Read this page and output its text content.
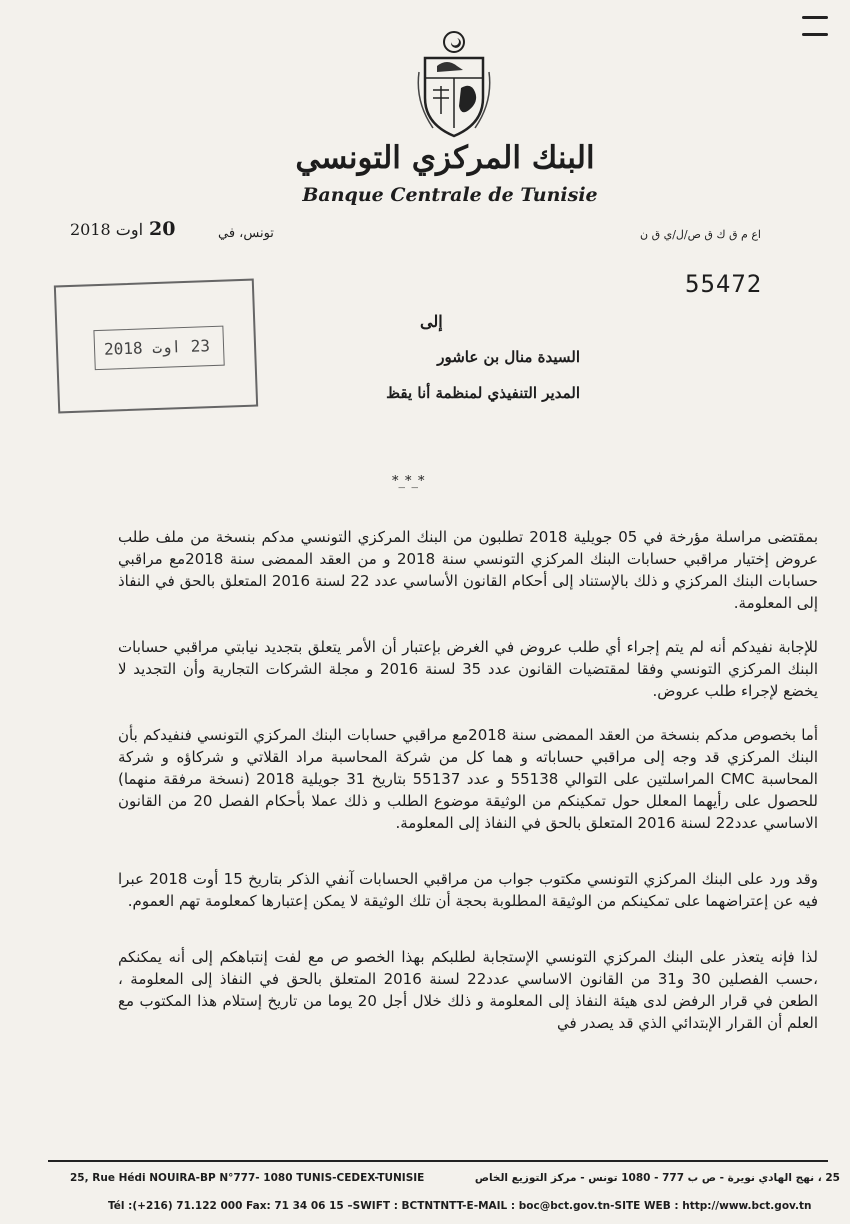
البنك المركزي التونسي
Banque Centrale de Tunisie
20اوت 2018	تونس، في	اع م ق ك ق ص/ل/ي ق ن
55472
23 اوت 2018
إلى
السيدة منال بن عاشور
المدير التنفيذي لمنظمة أنا يقظ
*_*_*

بمقتضى مراسلة مؤرخة في 05 جويلية 2018 تطلبون من البنك المركزي التونسي مدكم بنسخة من ملف طلب عروض إختيار مراقبي حسابات البنك المركزي التونسي سنة 2018 و من العقد الممضى سنة 2018مع مراقبي حسابات البنك المركزي و ذلك بالإستناد إلى أحكام القانون الأساسي عدد 22 لسنة 2016 المتعلق بالحق في النفاذ إلى المعلومة.

للإجابة نفيدكم أنه لم يتم إجراء أي طلب عروض في الغرض بإعتبار أن الأمر يتعلق بتجديد نيابتي مراقبي حسابات البنك المركزي التونسي وفقا لمقتضيات القانون عدد 35 لسنة 2016 و مجلة الشركات التجارية وأن التجديد لا يخضع لإجراء طلب عروض.

أما بخصوص مدكم بنسخة من العقد الممضى سنة 2018مع مراقبي حسابات البنك المركزي التونسي فنفيدكم بأن البنك المركزي قد وجه إلى مراقبي حساباته و هما كل من شركة المحاسبة مراد القلاتي و شركاؤه و شركة المحاسبة CMC المراسلتين على التوالي 55138 و عدد 55137 بتاريخ 31 جويلية 2018 (نسخة مرفقة منهما) للحصول على رأيهما المعلل حول تمكينكم من الوثيقة موضوع الطلب و ذلك عملا بأحكام الفصل 20 من القانون الاساسي عدد22 لسنة 2016 المتعلق بالحق في النفاذ إلى المعلومة.

وقد ورد على البنك المركزي التونسي مكتوب جواب من مراقبي الحسابات آنفي الذكر بتاريخ 15 أوت 2018 عبرا فيه عن إعتراضهما على تمكينكم من الوثيقة المطلوبة بحجة أن تلك الوثيقة لا يمكن إعتبارها كمعلومة تهم العموم.

لذا فإنه يتعذر على البنك المركزي التونسي الإستجابة لطلبكم بهذا الخصو ص مع لفت إنتباهكم إلى أنه يمكنكم ،حسب الفصلين 30 و31 من القانون الاساسي عدد22 لسنة 2016 المتعلق بالحق في النفاذ إلى المعلومة ، الطعن في قرار الرفض لدى هيئة النفاذ إلى المعلومة و ذلك خلال أجل 20 يوما من تاريخ إستلام هذا المكتوب مع العلم أن القرار الإبتدائي الذي قد يصدر في

25, Rue Hédi NOUIRA-BP N°777- 1080 TUNIS-CEDEX-TUNISIE	25 ، نهج الهادي نويرة - ص ب 777 - 1080 تونس - مركز التوزيع الخاص
Tél :(+216) 71.122 000 Fax: 71 34 06 15 –SWIFT : BCTNTNTT-E-MAIL : boc@bct.gov.tn-SITE WEB : http://www.bct.gov.tn
